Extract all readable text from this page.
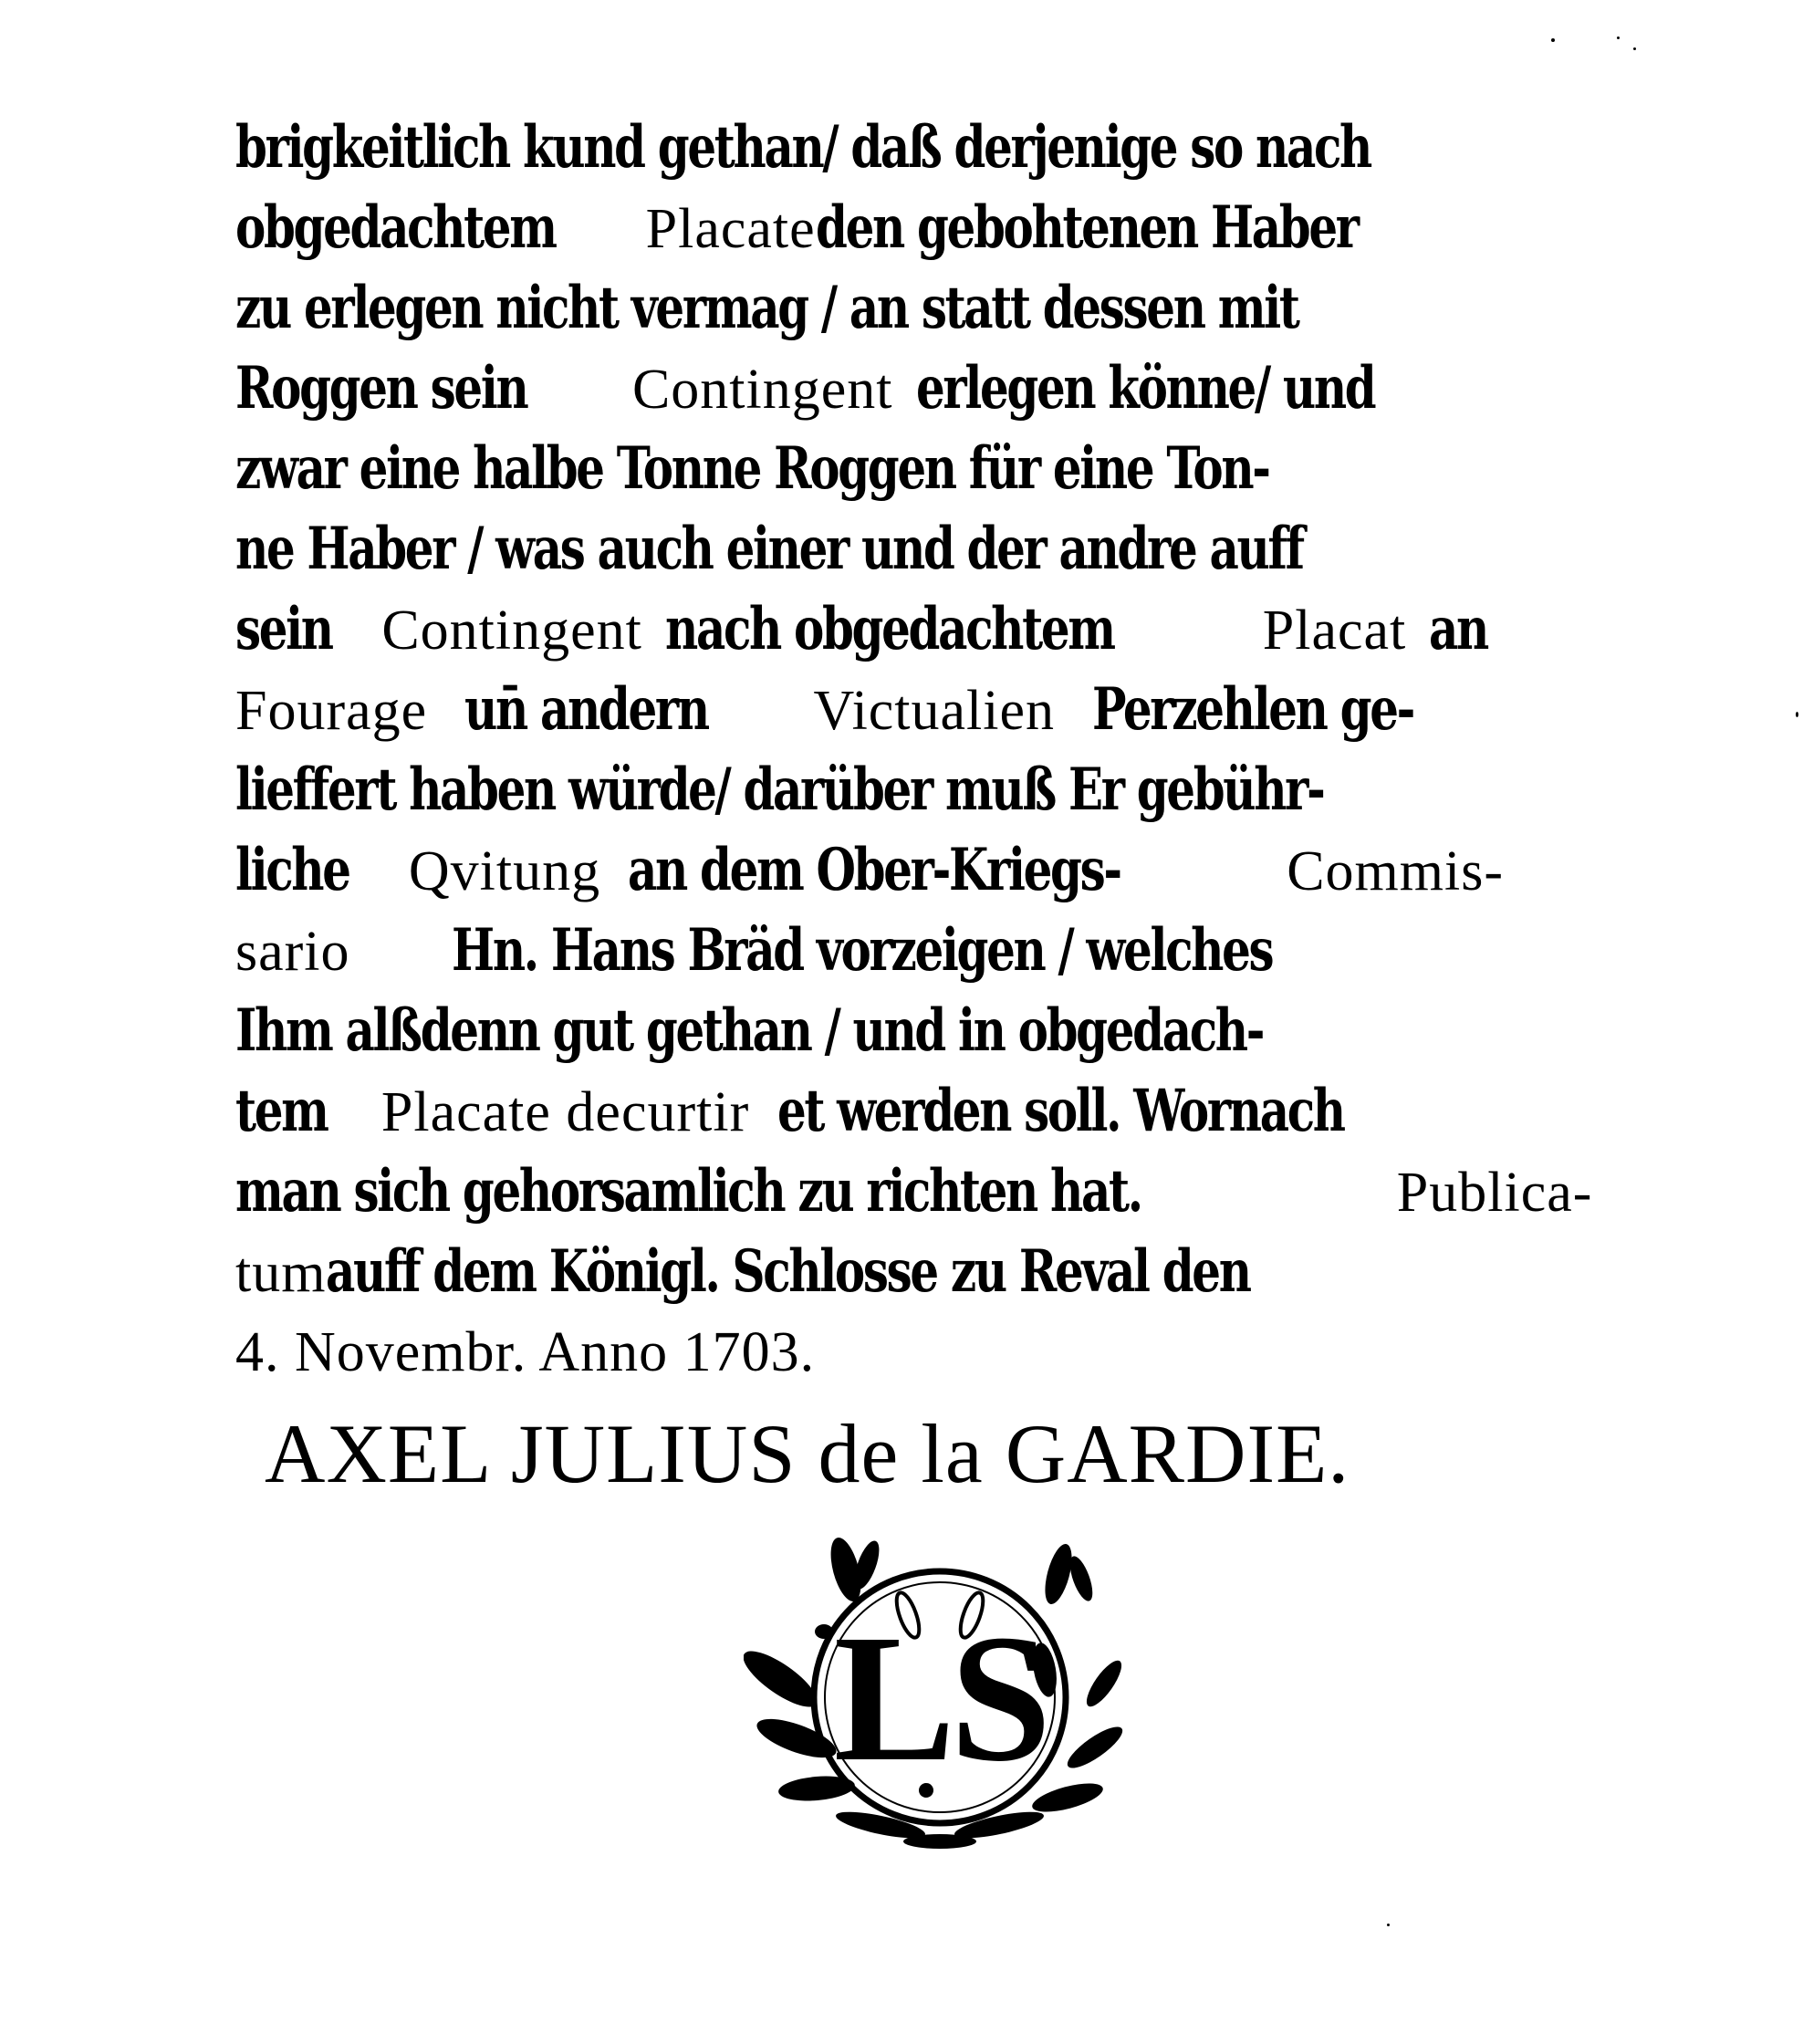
brigkeitlich kund gethan/ daß derjenige so nach
obgedachtem Placate den gebohtenen Haber
zu erlegen nicht vermag / an statt dessen mit
Roggen sein Contingent erlegen könne/ und
zwar eine halbe Tonne Roggen für eine Ton-
ne Haber / was auch einer und der andre auff
sein Contingent nach obgedachtem	Placat an
Fourage un̄ andern Victualien Perzehlen ge-
lieffert haben würde/ darüber muß Er gebühr-
liche Qvitung an dem Ober-Kriegs-	Commis-
sario Hn. Hans Bräd vorzeigen / welches
Ihm alßdenn gut gethan / und in obgedach-
tem Placate decurtir et werden soll. Wornach
man sich gehorsamlich zu richten hat.	Publica-
tum auff dem Königl. Schlosse zu Reval den
4. Novembr. Anno 1703.
AXEL JULIUS de la GARDIE.
LS
